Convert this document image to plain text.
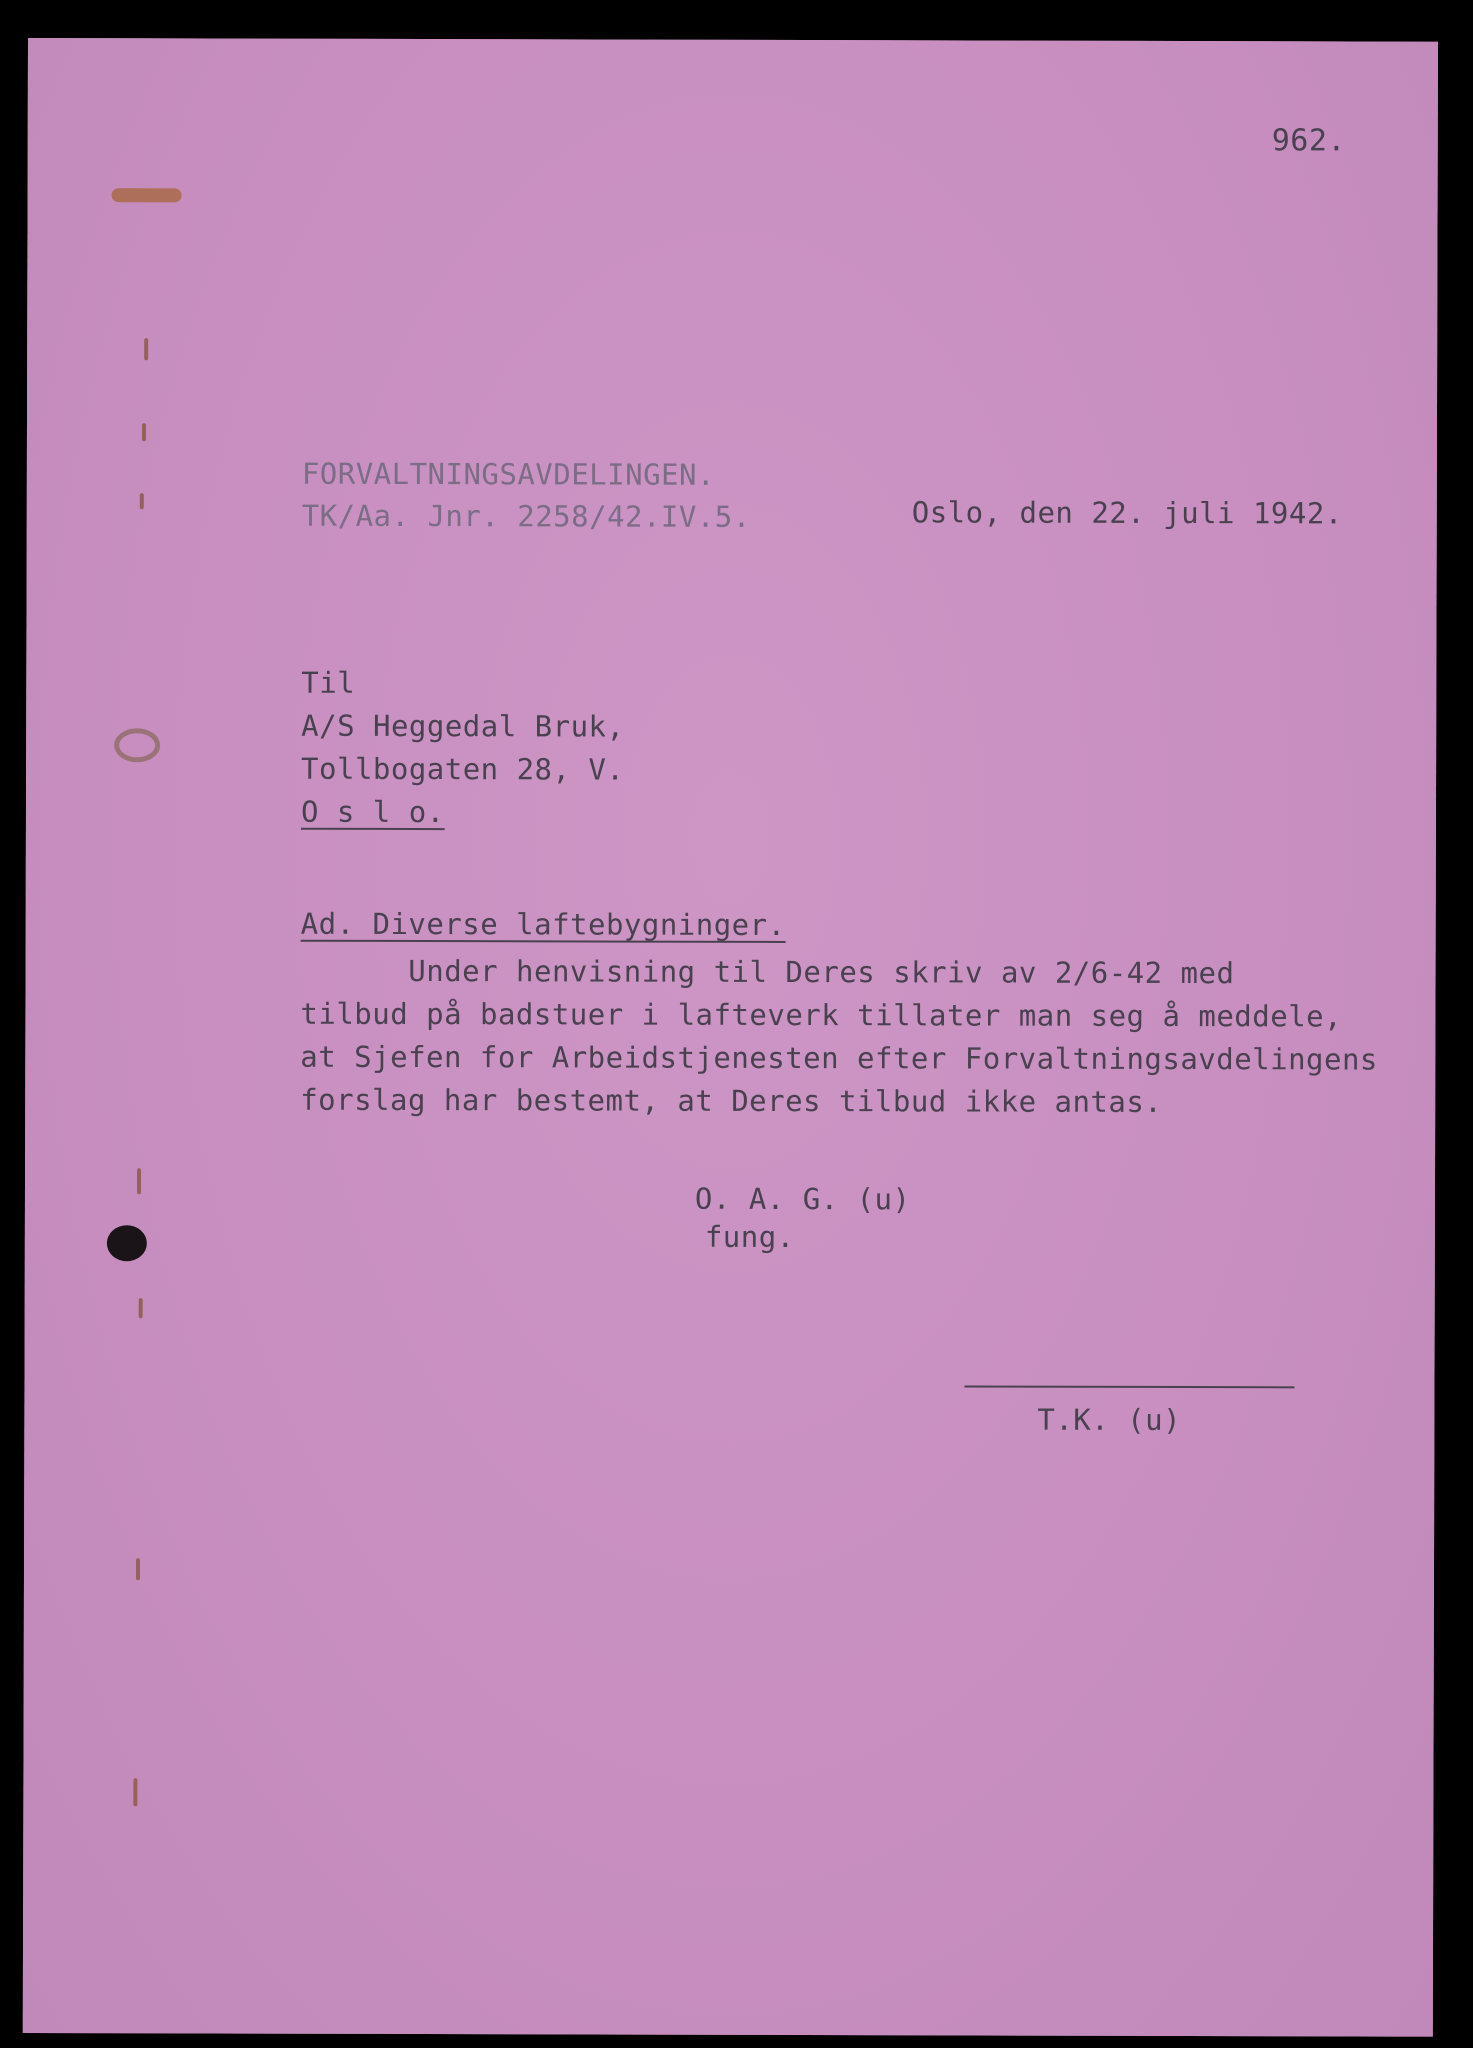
962.
FORVALTNINGSAVDELINGEN.
TK/Aa. Jnr. 2258/42.IV.5.	Oslo, den 22. juli 1942.
Til
A/S Heggedal Bruk,
Tollbogaten 28, V.
O s l o.
Ad. Diverse laftebygninger.
Under henvisning til Deres skriv av 2/6-42 med
tilbud på badstuer i lafteverk tillater man seg å meddele,
at Sjefen for Arbeidstjenesten efter Forvaltningsavdelingens
forslag har bestemt, at Deres tilbud ikke antas.
O. A. G. (u)
fung.
T.K. (u)
